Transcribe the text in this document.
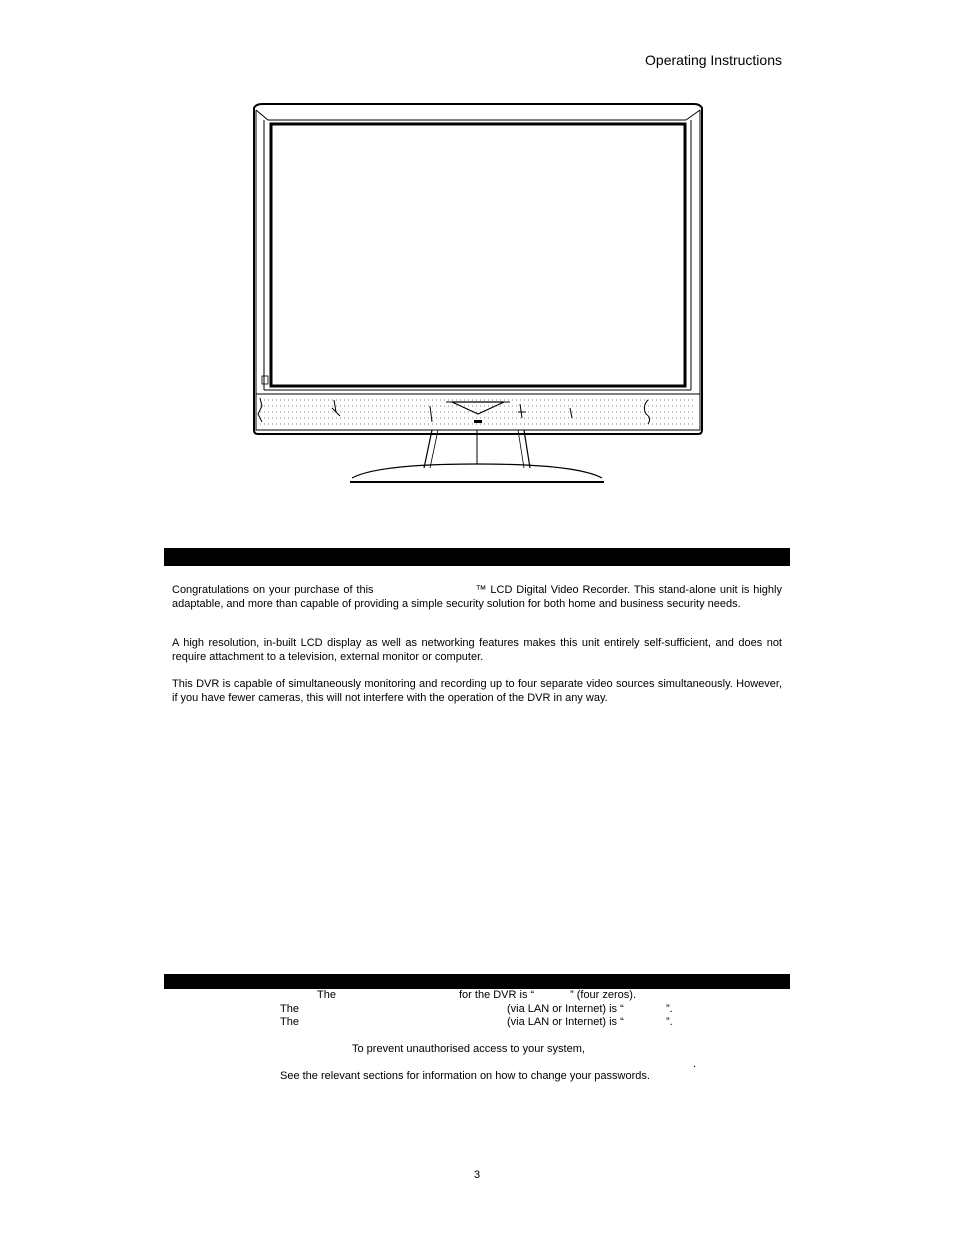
Operating Instructions

Congratulations on your purchase of this	™ LCD Digital Video Recorder. This stand-alone unit is highly adaptable, and more than capable of providing a simple security solution for both home and business security needs.

A high resolution, in-built LCD display as well as networking features makes this unit entirely self-sufficient, and does not require attachment to a television, external monitor or computer.

This DVR is capable of simultaneously monitoring and recording up to four separate video sources simultaneously. However, if you have fewer cameras, this will not interfere with the operation of the DVR in any way.

The	for the DVR is “	” (four zeros).
The	(via LAN or Internet) is “	”.
The	(via LAN or Internet) is “	”.
To prevent unauthorised access to your system,
.
See the relevant sections for information on how to change your passwords.
3
